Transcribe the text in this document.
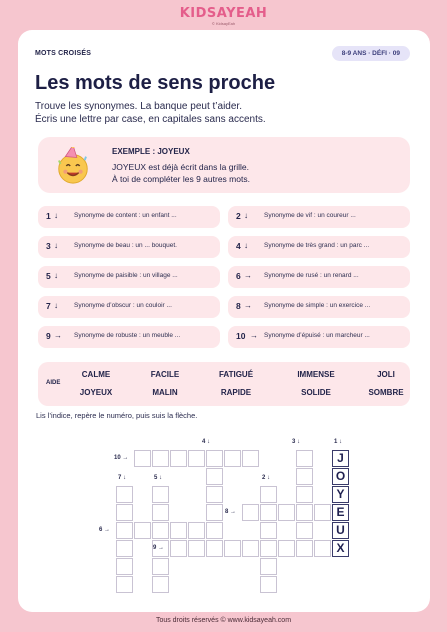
KIDSAYEAH
© KidsayEah
MOTS CROISÉS	8-9 ANS · DÉFI · 09
Les mots de sens proche
Trouve les synonymes. La banque peut t’aider.
Écris une lettre par case, en capitales sans accents.
EXEMPLE : JOYEUX
JOYEUX est déjà écrit dans la grille.
À toi de compléter les 9 autres mots.
1 ↓ Synonyme de content : un enfant ...	2 ↓ Synonyme de vif : un coureur ...
3 ↓ Synonyme de beau : un ... bouquet.	4 ↓ Synonyme de très grand : un parc ...
5 ↓ Synonyme de paisible : un village ...	6 → Synonyme de rusé : un renard ...
7 ↓ Synonyme d’obscur : un couloir ...	8 → Synonyme de simple : un exercice ...
9 → Synonyme de robuste : un meuble ...	10 → Synonyme d’épuisé : un marcheur ...
AIDE
CALME	FACILE	FATIGUÉ	IMMENSE	JOLI
JOYEUX	MALIN	RAPIDE	SOLIDE	SOMBRE
Lis l’indice, repère le numéro, puis suis la flèche.
J
O
Y
E
U
X
4 ↓	3 ↓	1 ↓
10 →
7 ↓	5 ↓	2 ↓
8 →
6 →
9 →
Tous droits réservés © www.kidsayeah.com
